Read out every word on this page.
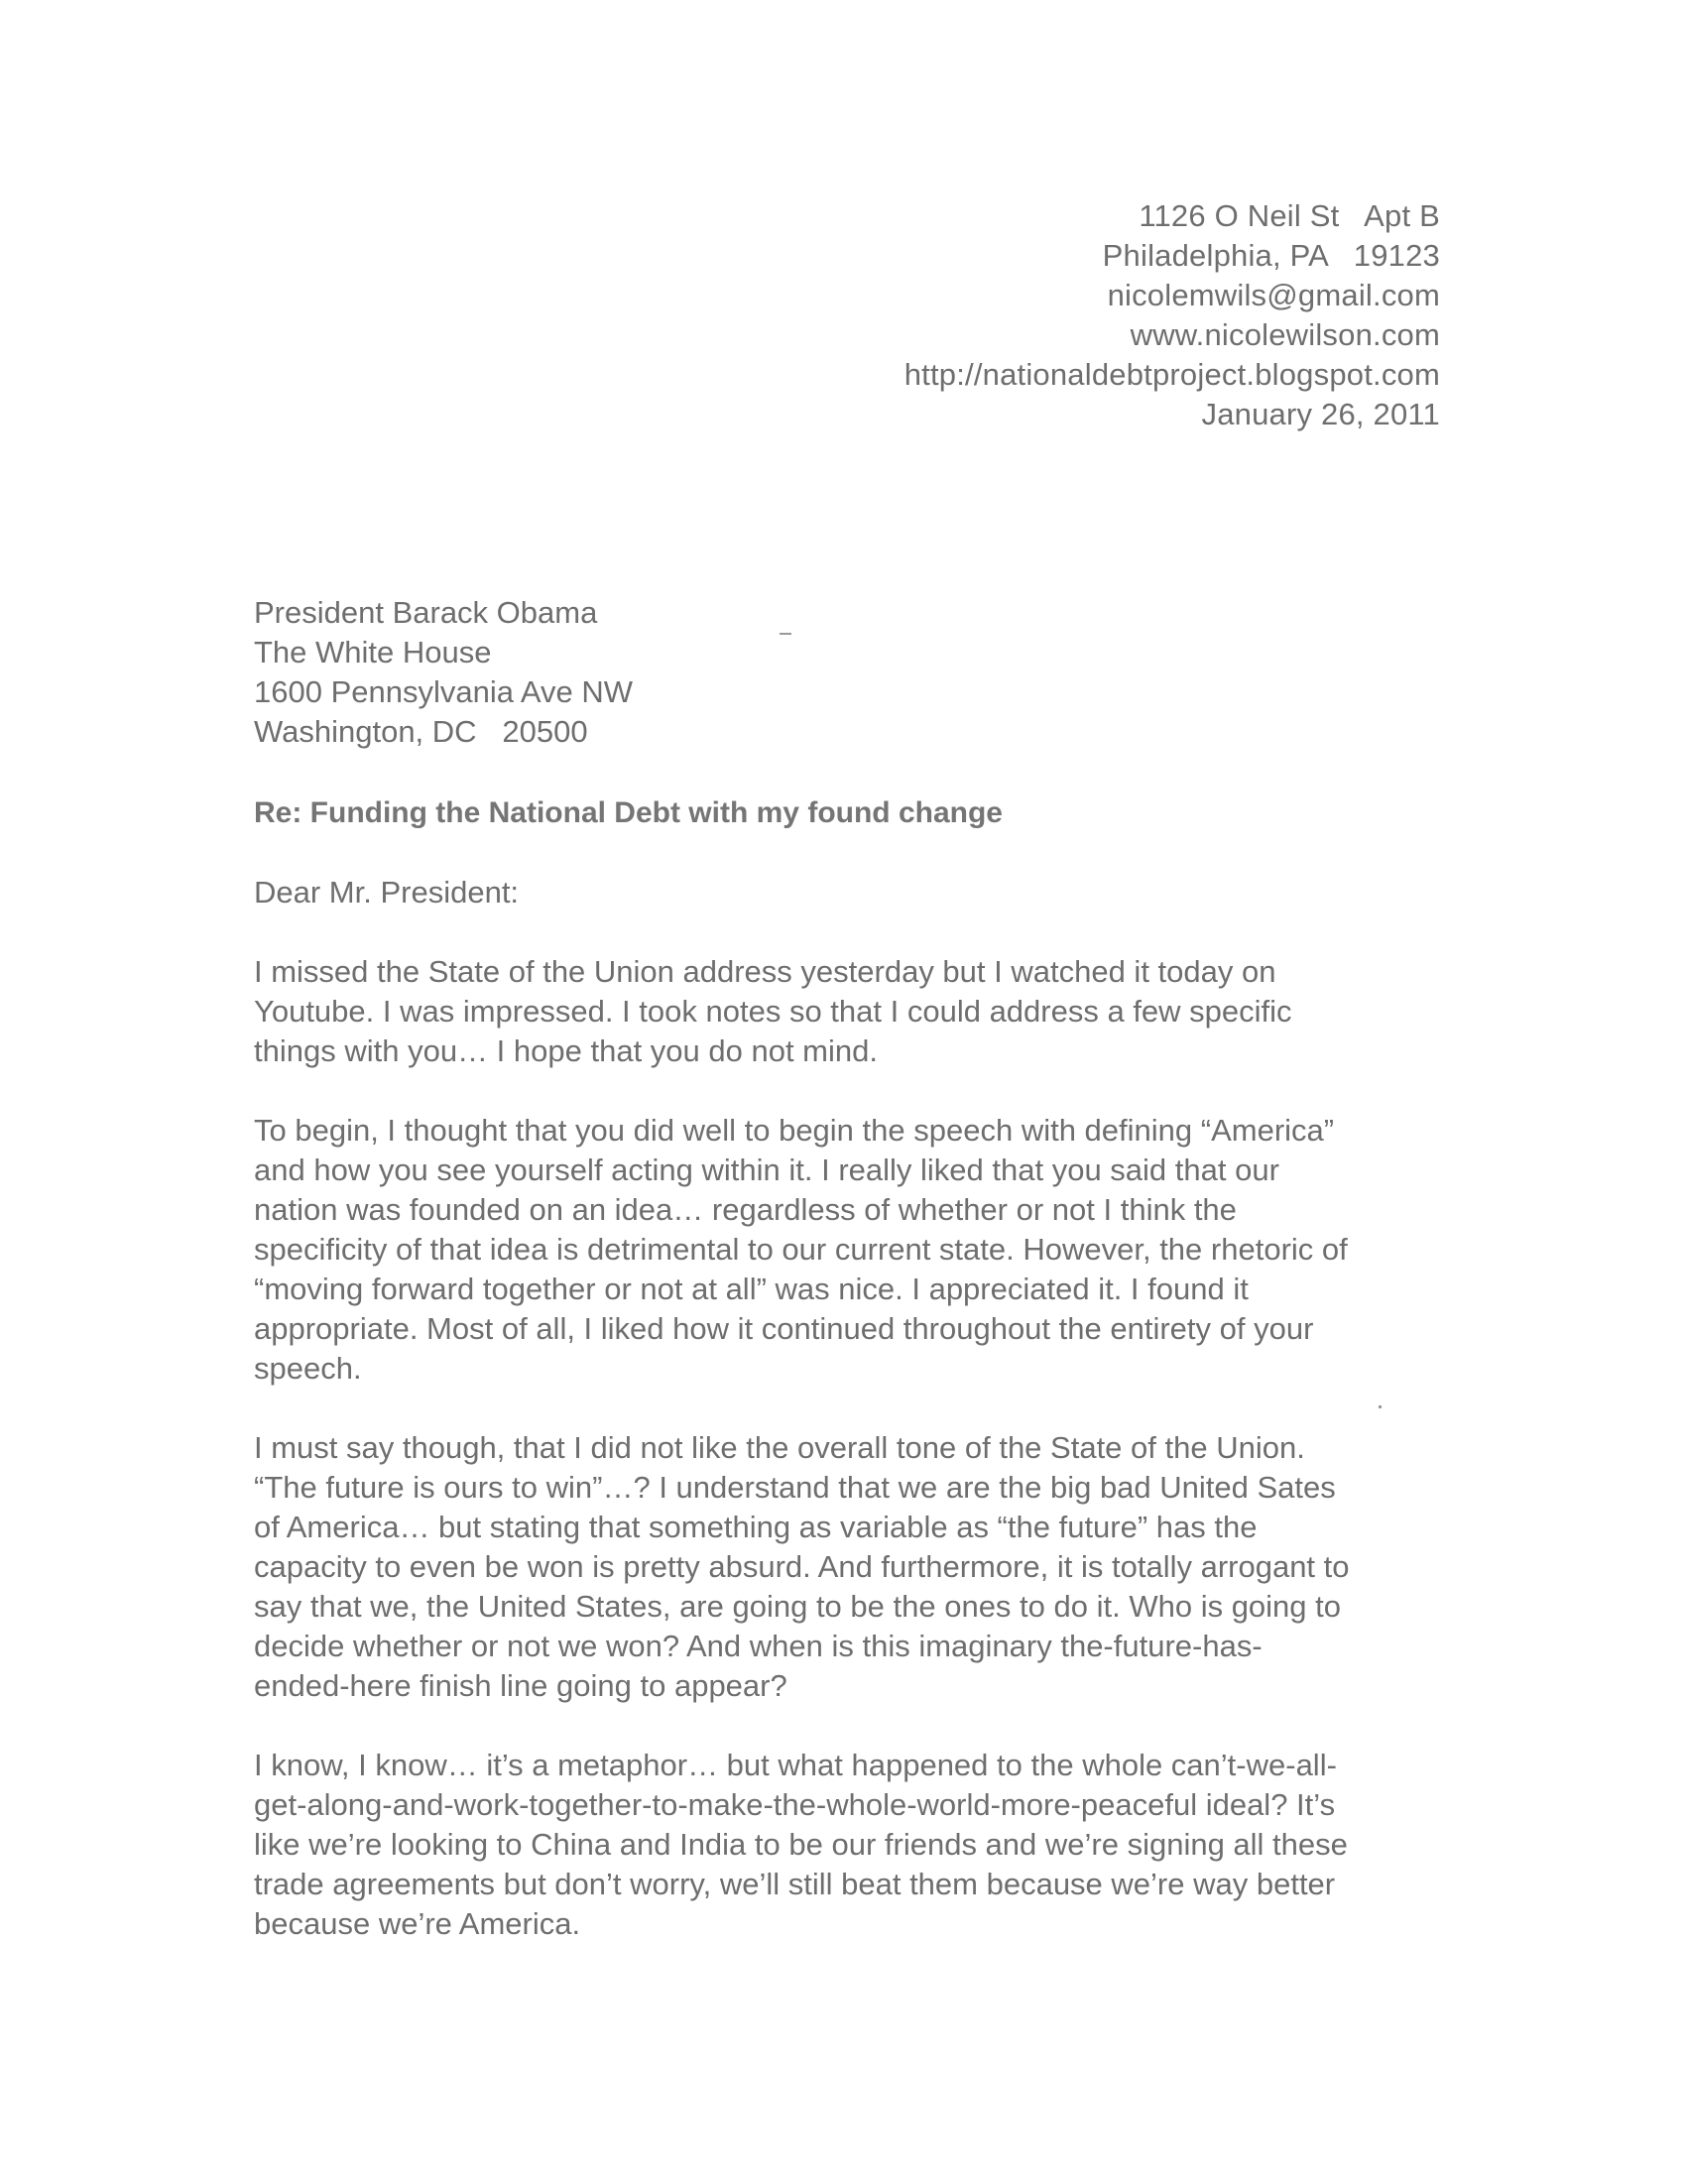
1126 O Neil St   Apt B
Philadelphia, PA   19123
nicolemwils@gmail.com
www.nicolewilson.com
http://nationaldebtproject.blogspot.com
January 26, 2011
President Barack Obama
The White House
1600 Pennsylvania Ave NW
Washington, DC   20500
Re: Funding the National Debt with my found change
Dear Mr. President:

I missed the State of the Union address yesterday but I watched it today on
Youtube. I was impressed. I took notes so that I could address a few specific
things with you… I hope that you do not mind.

To begin, I thought that you did well to begin the speech with defining “America”
and how you see yourself acting within it. I really liked that you said that our
nation was founded on an idea… regardless of whether or not I think the
specificity of that idea is detrimental to our current state. However, the rhetoric of
“moving forward together or not at all” was nice. I appreciated it. I found it
appropriate. Most of all, I liked how it continued throughout the entirety of your
speech.

I must say though, that I did not like the overall tone of the State of the Union.
“The future is ours to win”…? I understand that we are the big bad United Sates
of America… but stating that something as variable as “the future” has the
capacity to even be won is pretty absurd. And furthermore, it is totally arrogant to
say that we, the United States, are going to be the ones to do it. Who is going to
decide whether or not we won? And when is this imaginary the-future-has-
ended-here finish line going to appear?

I know, I know… it’s a metaphor… but what happened to the whole can’t-we-all-
get-along-and-work-together-to-make-the-whole-world-more-peaceful ideal? It’s
like we’re looking to China and India to be our friends and we’re signing all these
trade agreements but don’t worry, we’ll still beat them because we’re way better
because we’re America.
